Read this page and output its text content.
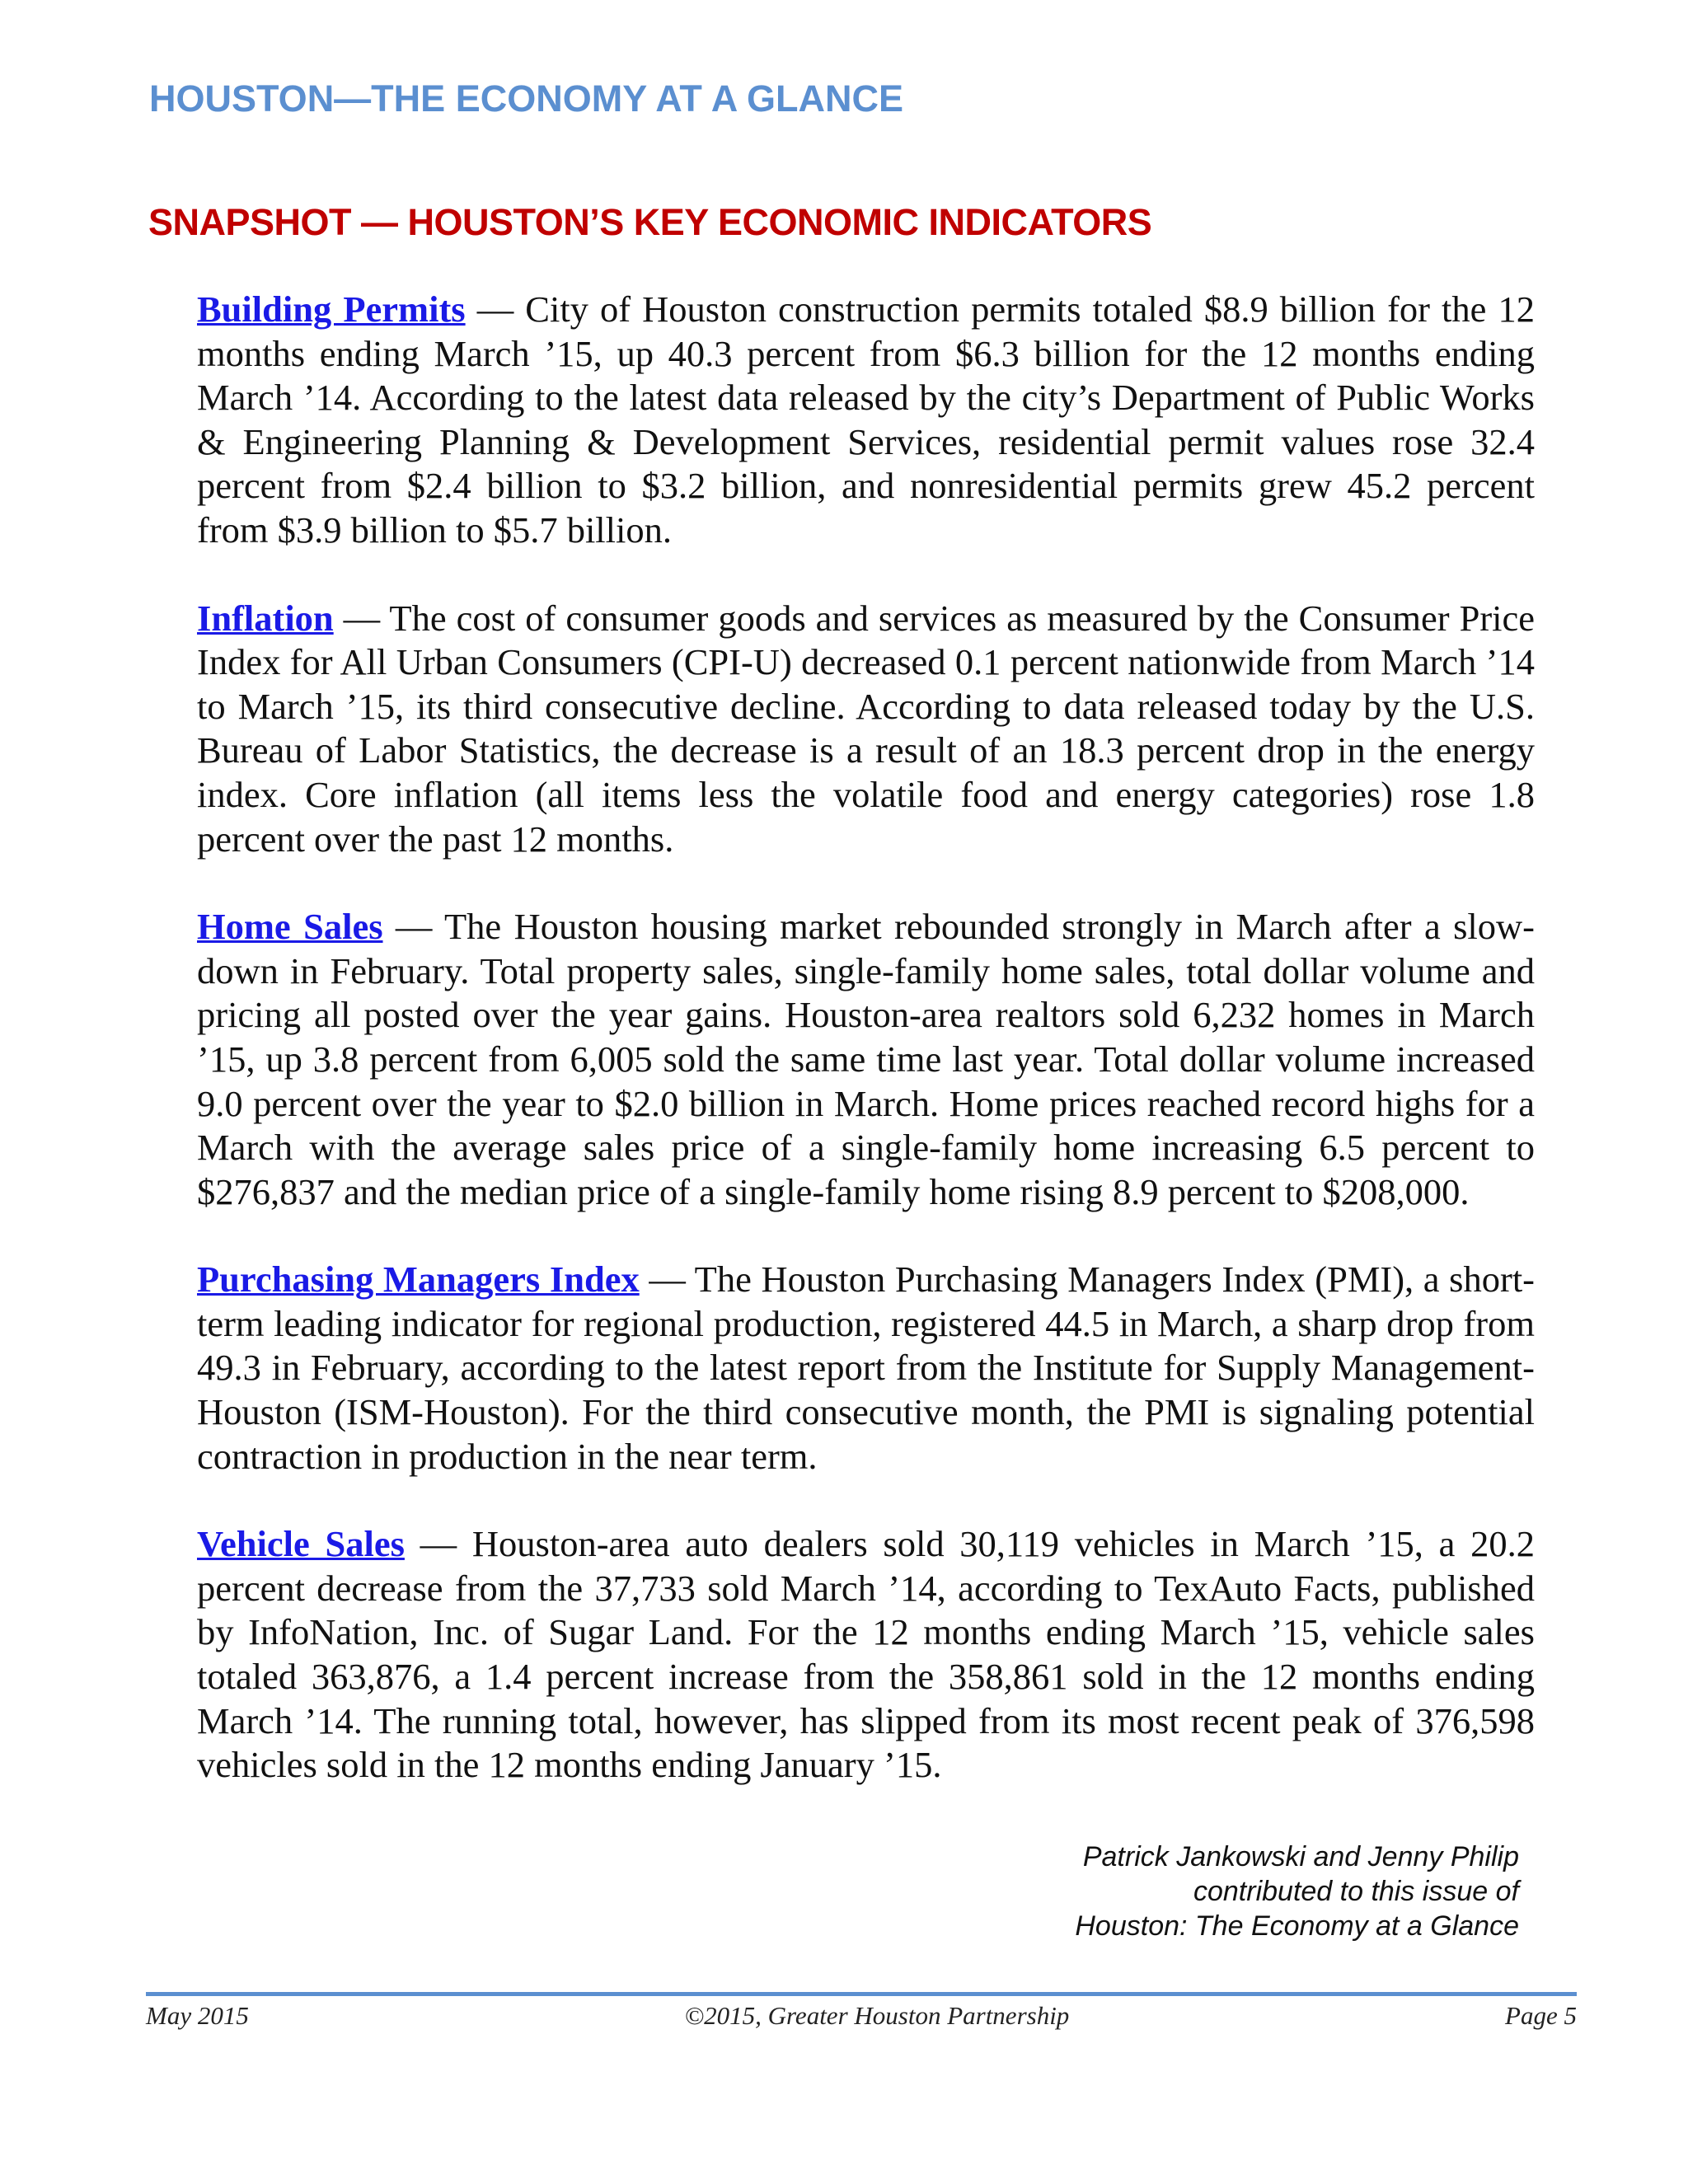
HOUSTON—THE ECONOMY AT A GLANCE
SNAPSHOT — HOUSTON’S KEY ECONOMIC INDICATORS

Building Permits — City of Houston construction permits totaled $8.9 billion for the 12 months ending March ’15, up 40.3 percent from $6.3 billion for the 12 months ending March ’14. According to the latest data released by the city’s Department of Public Works & Engineering Planning & Development Services, residential permit values rose 32.4 percent from $2.4 billion to $3.2 billion, and nonresidential permits grew 45.2 percent from $3.9 billion to $5.7 billion.

Inflation — The cost of consumer goods and services as measured by the Consumer Price Index for All Urban Consumers (CPI-U) decreased 0.1 percent nationwide from March ’14 to March ’15, its third consecutive decline. According to data released today by the U.S. Bureau of Labor Statistics, the decrease is a result of an 18.3 percent drop in the energy index. Core inflation (all items less the volatile food and energy categories) rose 1.8 percent over the past 12 months.

Home Sales — The Houston housing market rebounded strongly in March after a slowdown in February. Total property sales, single-family home sales, total dollar volume and pricing all posted over the year gains. Houston-area realtors sold 6,232 homes in March ’15, up 3.8 percent from 6,005 sold the same time last year. Total dollar volume increased 9.0 percent over the year to $2.0 billion in March. Home prices reached record highs for a March with the average sales price of a single-family home increasing 6.5 percent to $276,837 and the median price of a single-family home rising 8.9 percent to $208,000.

Purchasing Managers Index — The Houston Purchasing Managers Index (PMI), a short-term leading indicator for regional production, registered 44.5 in March, a sharp drop from 49.3 in February, according to the latest report from the Institute for Supply Management-Houston (ISM-Houston). For the third consecutive month, the PMI is signaling potential contraction in production in the near term.

Vehicle Sales — Houston-area auto dealers sold 30,119 vehicles in March ’15, a 20.2 percent decrease from the 37,733 sold March ’14, according to TexAuto Facts, published by InfoNation, Inc. of Sugar Land. For the 12 months ending March ’15, vehicle sales totaled 363,876, a 1.4 percent increase from the 358,861 sold in the 12 months ending March ’14. The running total, however, has slipped from its most recent peak of 376,598 vehicles sold in the 12 months ending January ’15.

Patrick Jankowski and Jenny Philip
contributed to this issue of
Houston: The Economy at a Glance
May 2015	©2015, Greater Houston Partnership	Page 5
